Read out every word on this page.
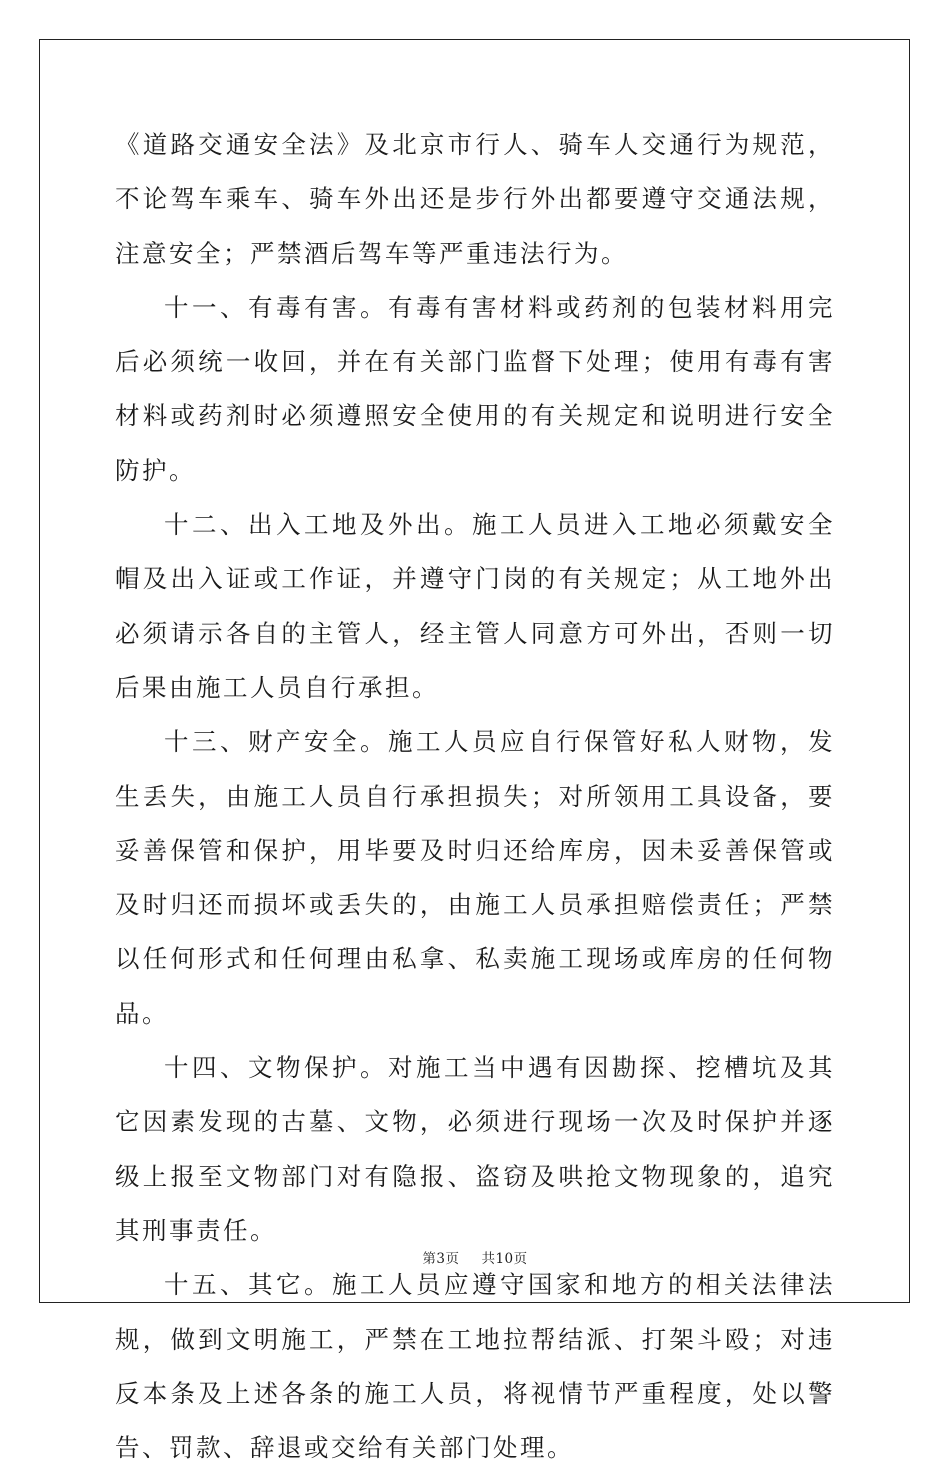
《道路交通安全法》及北京市行人、骑车人交通行为规范，不论驾车乘车、骑车外出还是步行外出都要遵守交通法规，注意安全；严禁酒后驾车等严重违法行为。

十一、有毒有害。有毒有害材料或药剂的包装材料用完后必须统一收回，并在有关部门监督下处理；使用有毒有害材料或药剂时必须遵照安全使用的有关规定和说明进行安全防护。

十二、出入工地及外出。施工人员进入工地必须戴安全帽及出入证或工作证，并遵守门岗的有关规定；从工地外出必须请示各自的主管人，经主管人同意方可外出，否则一切后果由施工人员自行承担。

十三、财产安全。施工人员应自行保管好私人财物，发生丢失，由施工人员自行承担损失；对所领用工具设备，要妥善保管和保护，用毕要及时归还给库房，因未妥善保管或及时归还而损坏或丢失的，由施工人员承担赔偿责任；严禁以任何形式和任何理由私拿、私卖施工现场或库房的任何物品。

十四、文物保护。对施工当中遇有因勘探、挖槽坑及其它因素发现的古墓、文物，必须进行现场一次及时保护并逐级上报至文物部门对有隐报、盗窃及哄抢文物现象的，追究其刑事责任。

十五、其它。施工人员应遵守国家和地方的相关法律法规，做到文明施工，严禁在工地拉帮结派、打架斗殴；对违反本条及上述各条的施工人员，将视情节严重程度，处以警告、罚款、辞退或交给有关部门处理。

第3页 共10页
